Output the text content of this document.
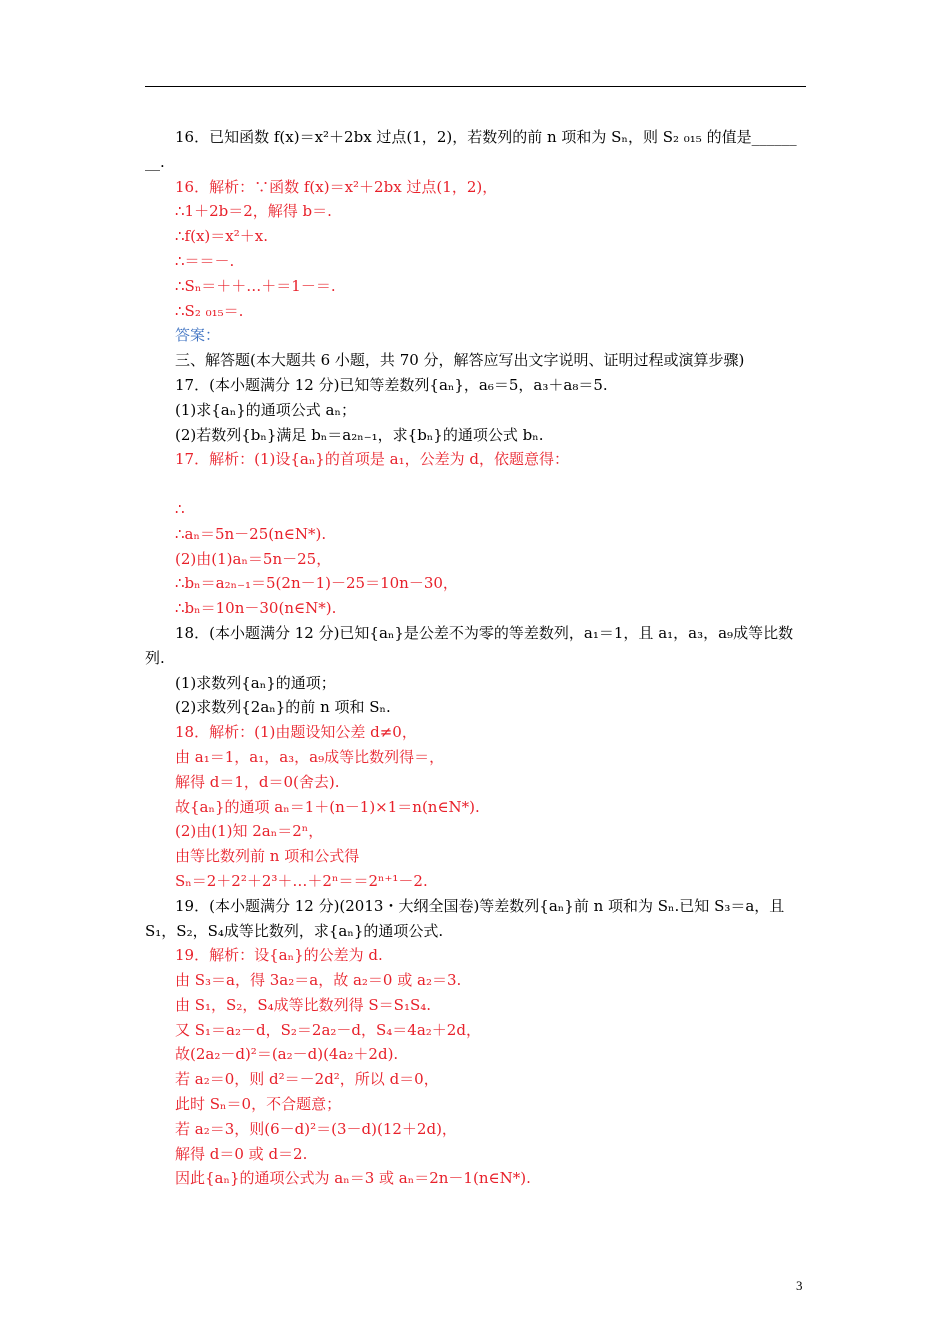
16．已知函数 f(x)＝x²＋2bx 过点(1，2)，若数列的前 n 项和为 Sₙ，则 S₂ ₀₁₅ 的值是______
__.
16．解析：∵函数 f(x)＝x²＋2bx 过点(1，2)，
∴1＋2b＝2，解得 b＝.
∴f(x)＝x²＋x.
∴＝＝－.
∴Sₙ＝＋＋…＋＝1－＝.
∴S₂ ₀₁₅＝.
答案：
三、解答题(本大题共 6 小题，共 70 分，解答应写出文字说明、证明过程或演算步骤)
17．(本小题满分 12 分)已知等差数列{aₙ}，a₆＝5，a₃＋a₈＝5.
(1)求{aₙ}的通项公式 aₙ；
(2)若数列{bₙ}满足 bₙ＝a₂ₙ₋₁，求{bₙ}的通项公式 bₙ.
17．解析：(1)设{aₙ}的首项是 a₁，公差为 d，依题意得：
∴
∴aₙ＝5n－25(n∈N*).
(2)由(1)aₙ＝5n－25，
∴bₙ＝a₂ₙ₋₁＝5(2n－1)－25＝10n－30，
∴bₙ＝10n－30(n∈N*).
18．(本小题满分 12 分)已知{aₙ}是公差不为零的等差数列，a₁＝1，且 a₁，a₃，a₉成等比数
列.
(1)求数列{aₙ}的通项；
(2)求数列{2aₙ}的前 n 项和 Sₙ.
18．解析：(1)由题设知公差 d≠0，
由 a₁＝1，a₁，a₃，a₉成等比数列得＝，
解得 d＝1，d＝0(舍去).
故{aₙ}的通项 aₙ＝1＋(n－1)×1＝n(n∈N*).
(2)由(1)知 2aₙ＝2ⁿ，
由等比数列前 n 项和公式得
Sₙ＝2＋2²＋2³＋…＋2ⁿ＝＝2ⁿ⁺¹－2.
19．(本小题满分 12 分)(2013・大纲全国卷)等差数列{aₙ}前 n 项和为 Sₙ.已知 S₃＝a，且
S₁，S₂，S₄成等比数列，求{aₙ}的通项公式.
19．解析：设{aₙ}的公差为 d.
由 S₃＝a，得 3a₂＝a，故 a₂＝0 或 a₂＝3.
由 S₁，S₂，S₄成等比数列得 S＝S₁S₄.
又 S₁＝a₂－d，S₂＝2a₂－d，S₄＝4a₂＋2d，
故(2a₂－d)²＝(a₂－d)(4a₂＋2d).
若 a₂＝0，则 d²＝－2d²，所以 d＝0，
此时 Sₙ＝0，不合题意；
若 a₂＝3，则(6－d)²＝(3－d)(12＋2d)，
解得 d＝0 或 d＝2.
因此{aₙ}的通项公式为 aₙ＝3 或 aₙ＝2n－1(n∈N*).
3
